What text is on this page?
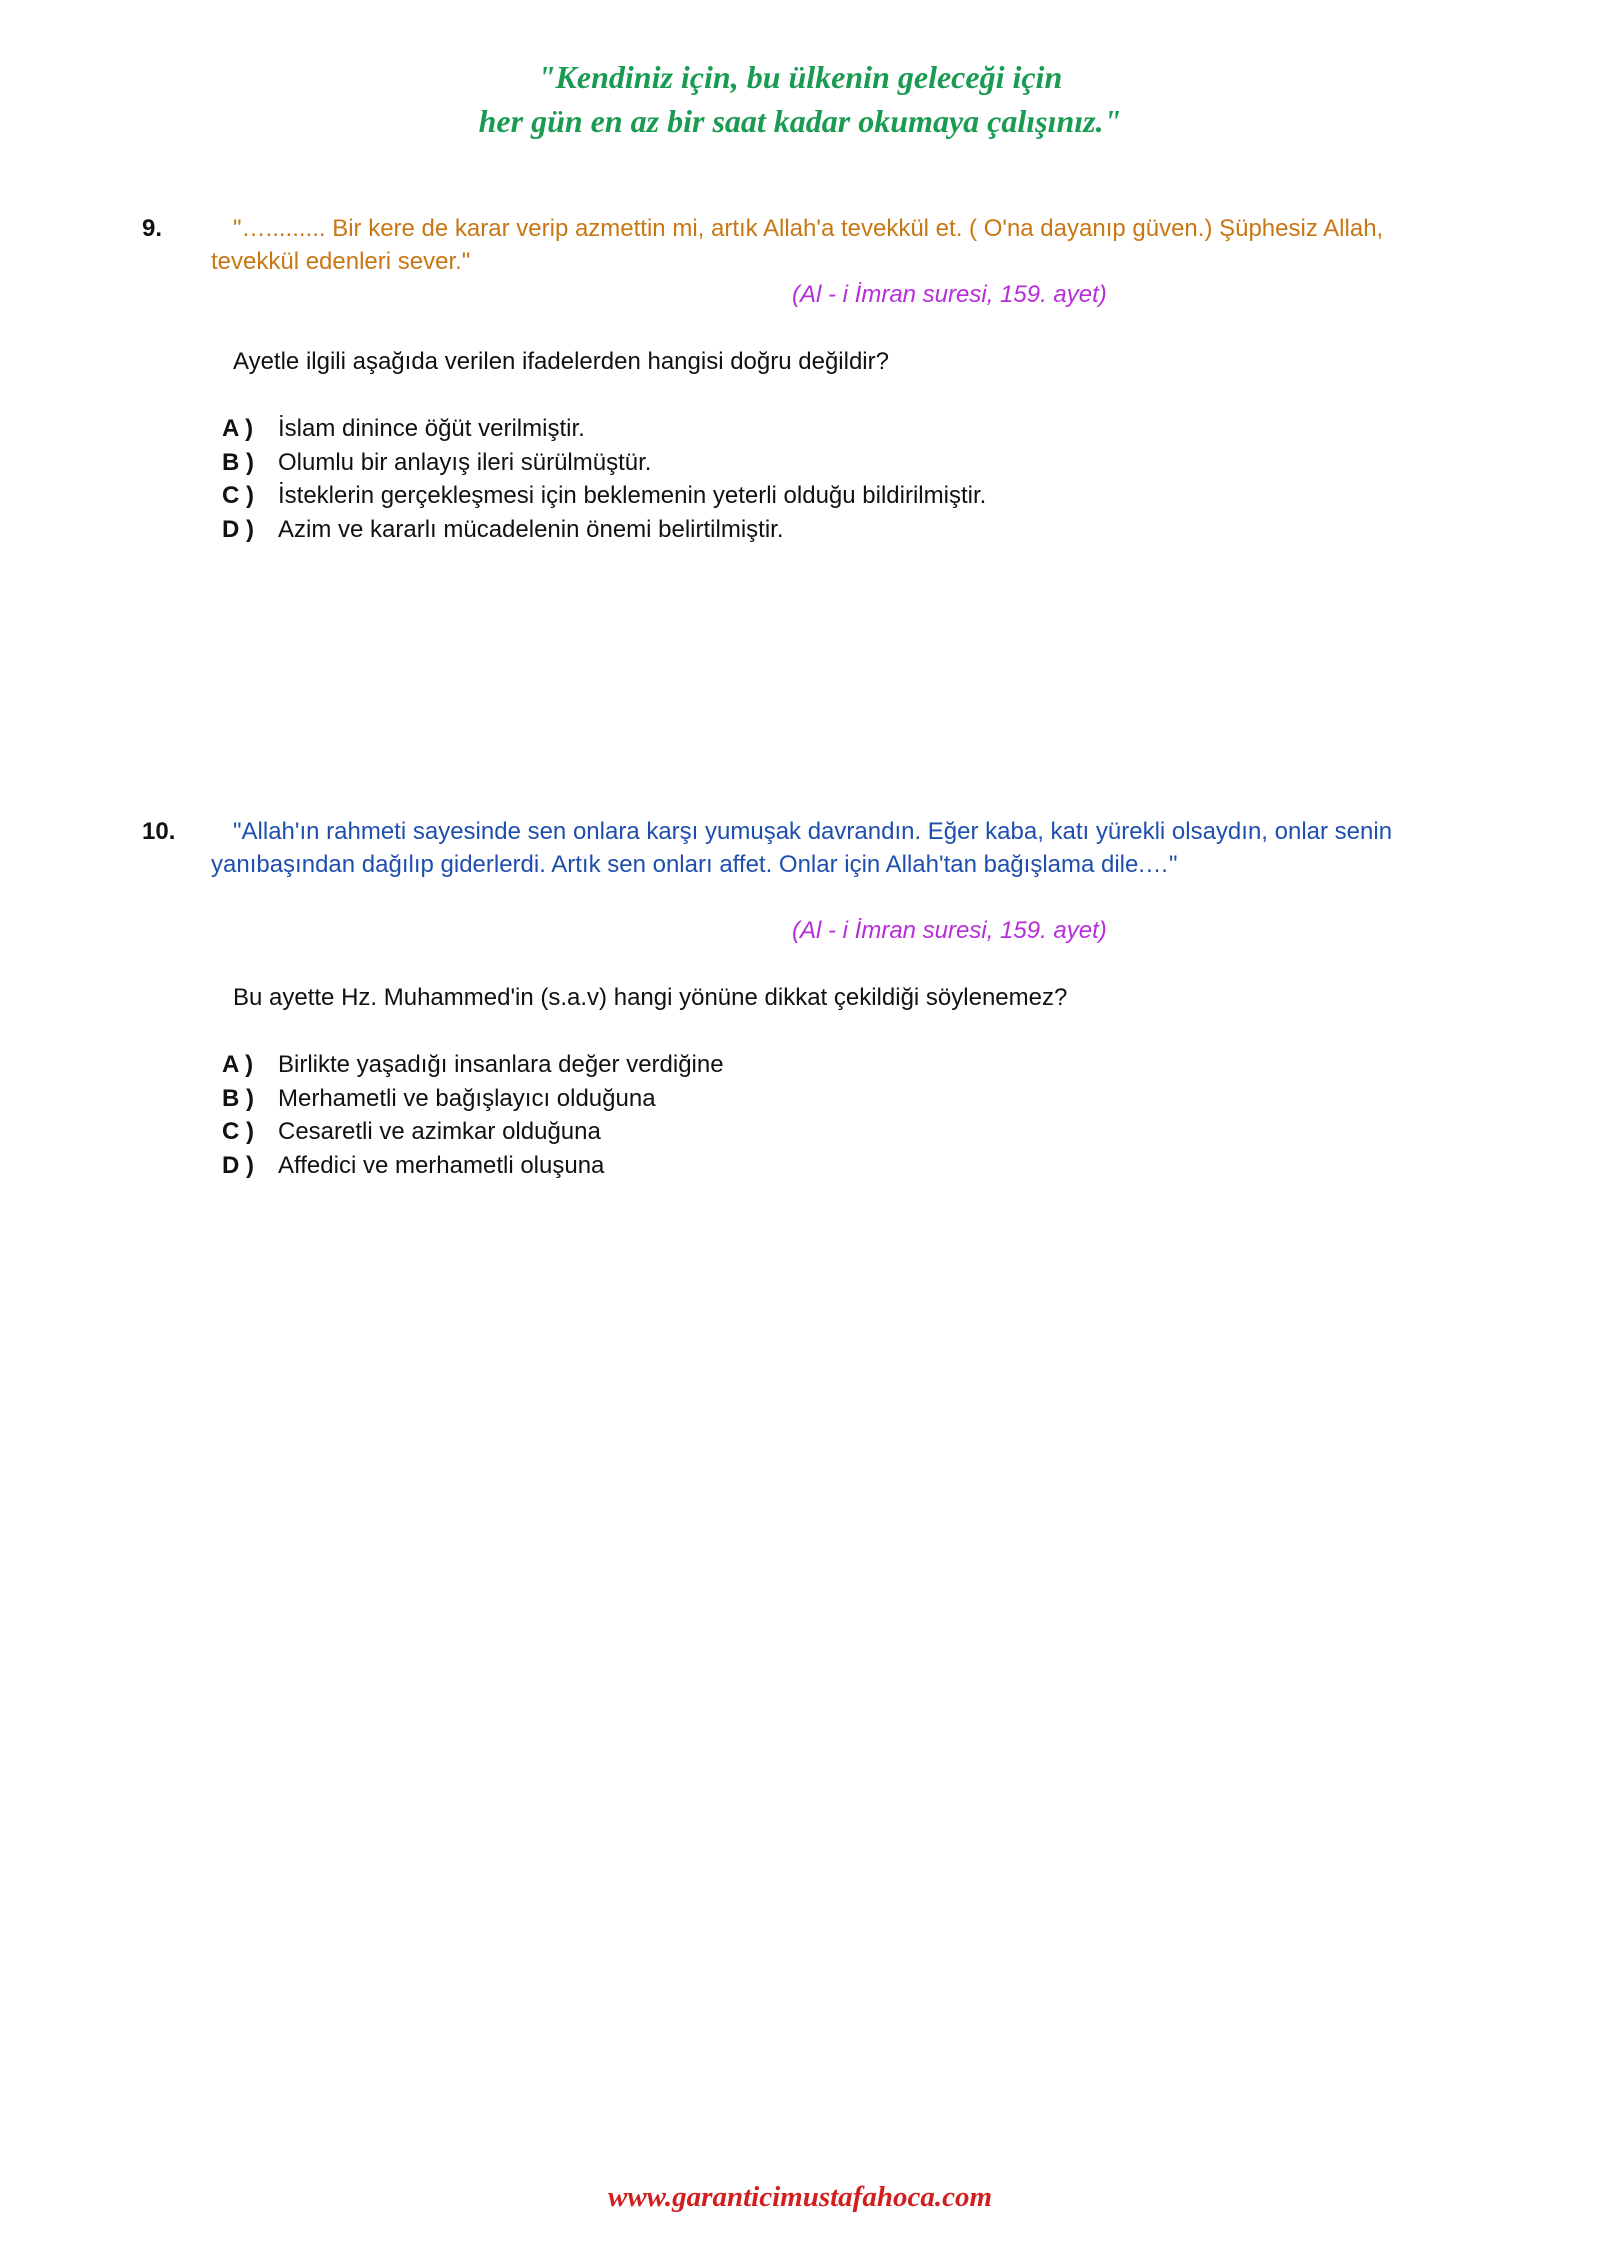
"Kendiniz için, bu ülkenin geleceği için
her gün en az bir saat kadar okumaya çalışınız."
9.	"…......... Bir kere de karar verip azmettin mi, artık Allah'a tevekkül et. ( O'na dayanıp güven.) Şüphesiz Allah, tevekkül edenleri sever."
(Al - i İmran suresi, 159. ayet)
Ayetle ilgili aşağıda verilen ifadelerden hangisi doğru değildir?
A ) İslam dinince öğüt verilmiştir.
B ) Olumlu bir anlayış ileri sürülmüştür.
C ) İsteklerin gerçekleşmesi için beklemenin yeterli olduğu bildirilmiştir.
D ) Azim ve kararlı mücadelenin önemi belirtilmiştir.
10.	"Allah'ın rahmeti sayesinde sen onlara karşı yumuşak davrandın. Eğer kaba, katı yürekli olsaydın, onlar senin yanıbaşından dağılıp giderlerdi. Artık sen onları affet. Onlar için Allah'tan bağışlama dile.…"
(Al - i İmran suresi, 159. ayet)
Bu ayette Hz. Muhammed'in (s.a.v) hangi yönüne dikkat çekildiği söylenemez?
A ) Birlikte yaşadığı insanlara değer verdiğine
B ) Merhametli ve bağışlayıcı olduğuna
C ) Cesaretli ve azimkar olduğuna
D ) Affedici ve merhametli oluşuna
www.garanticimustafahoca.com
